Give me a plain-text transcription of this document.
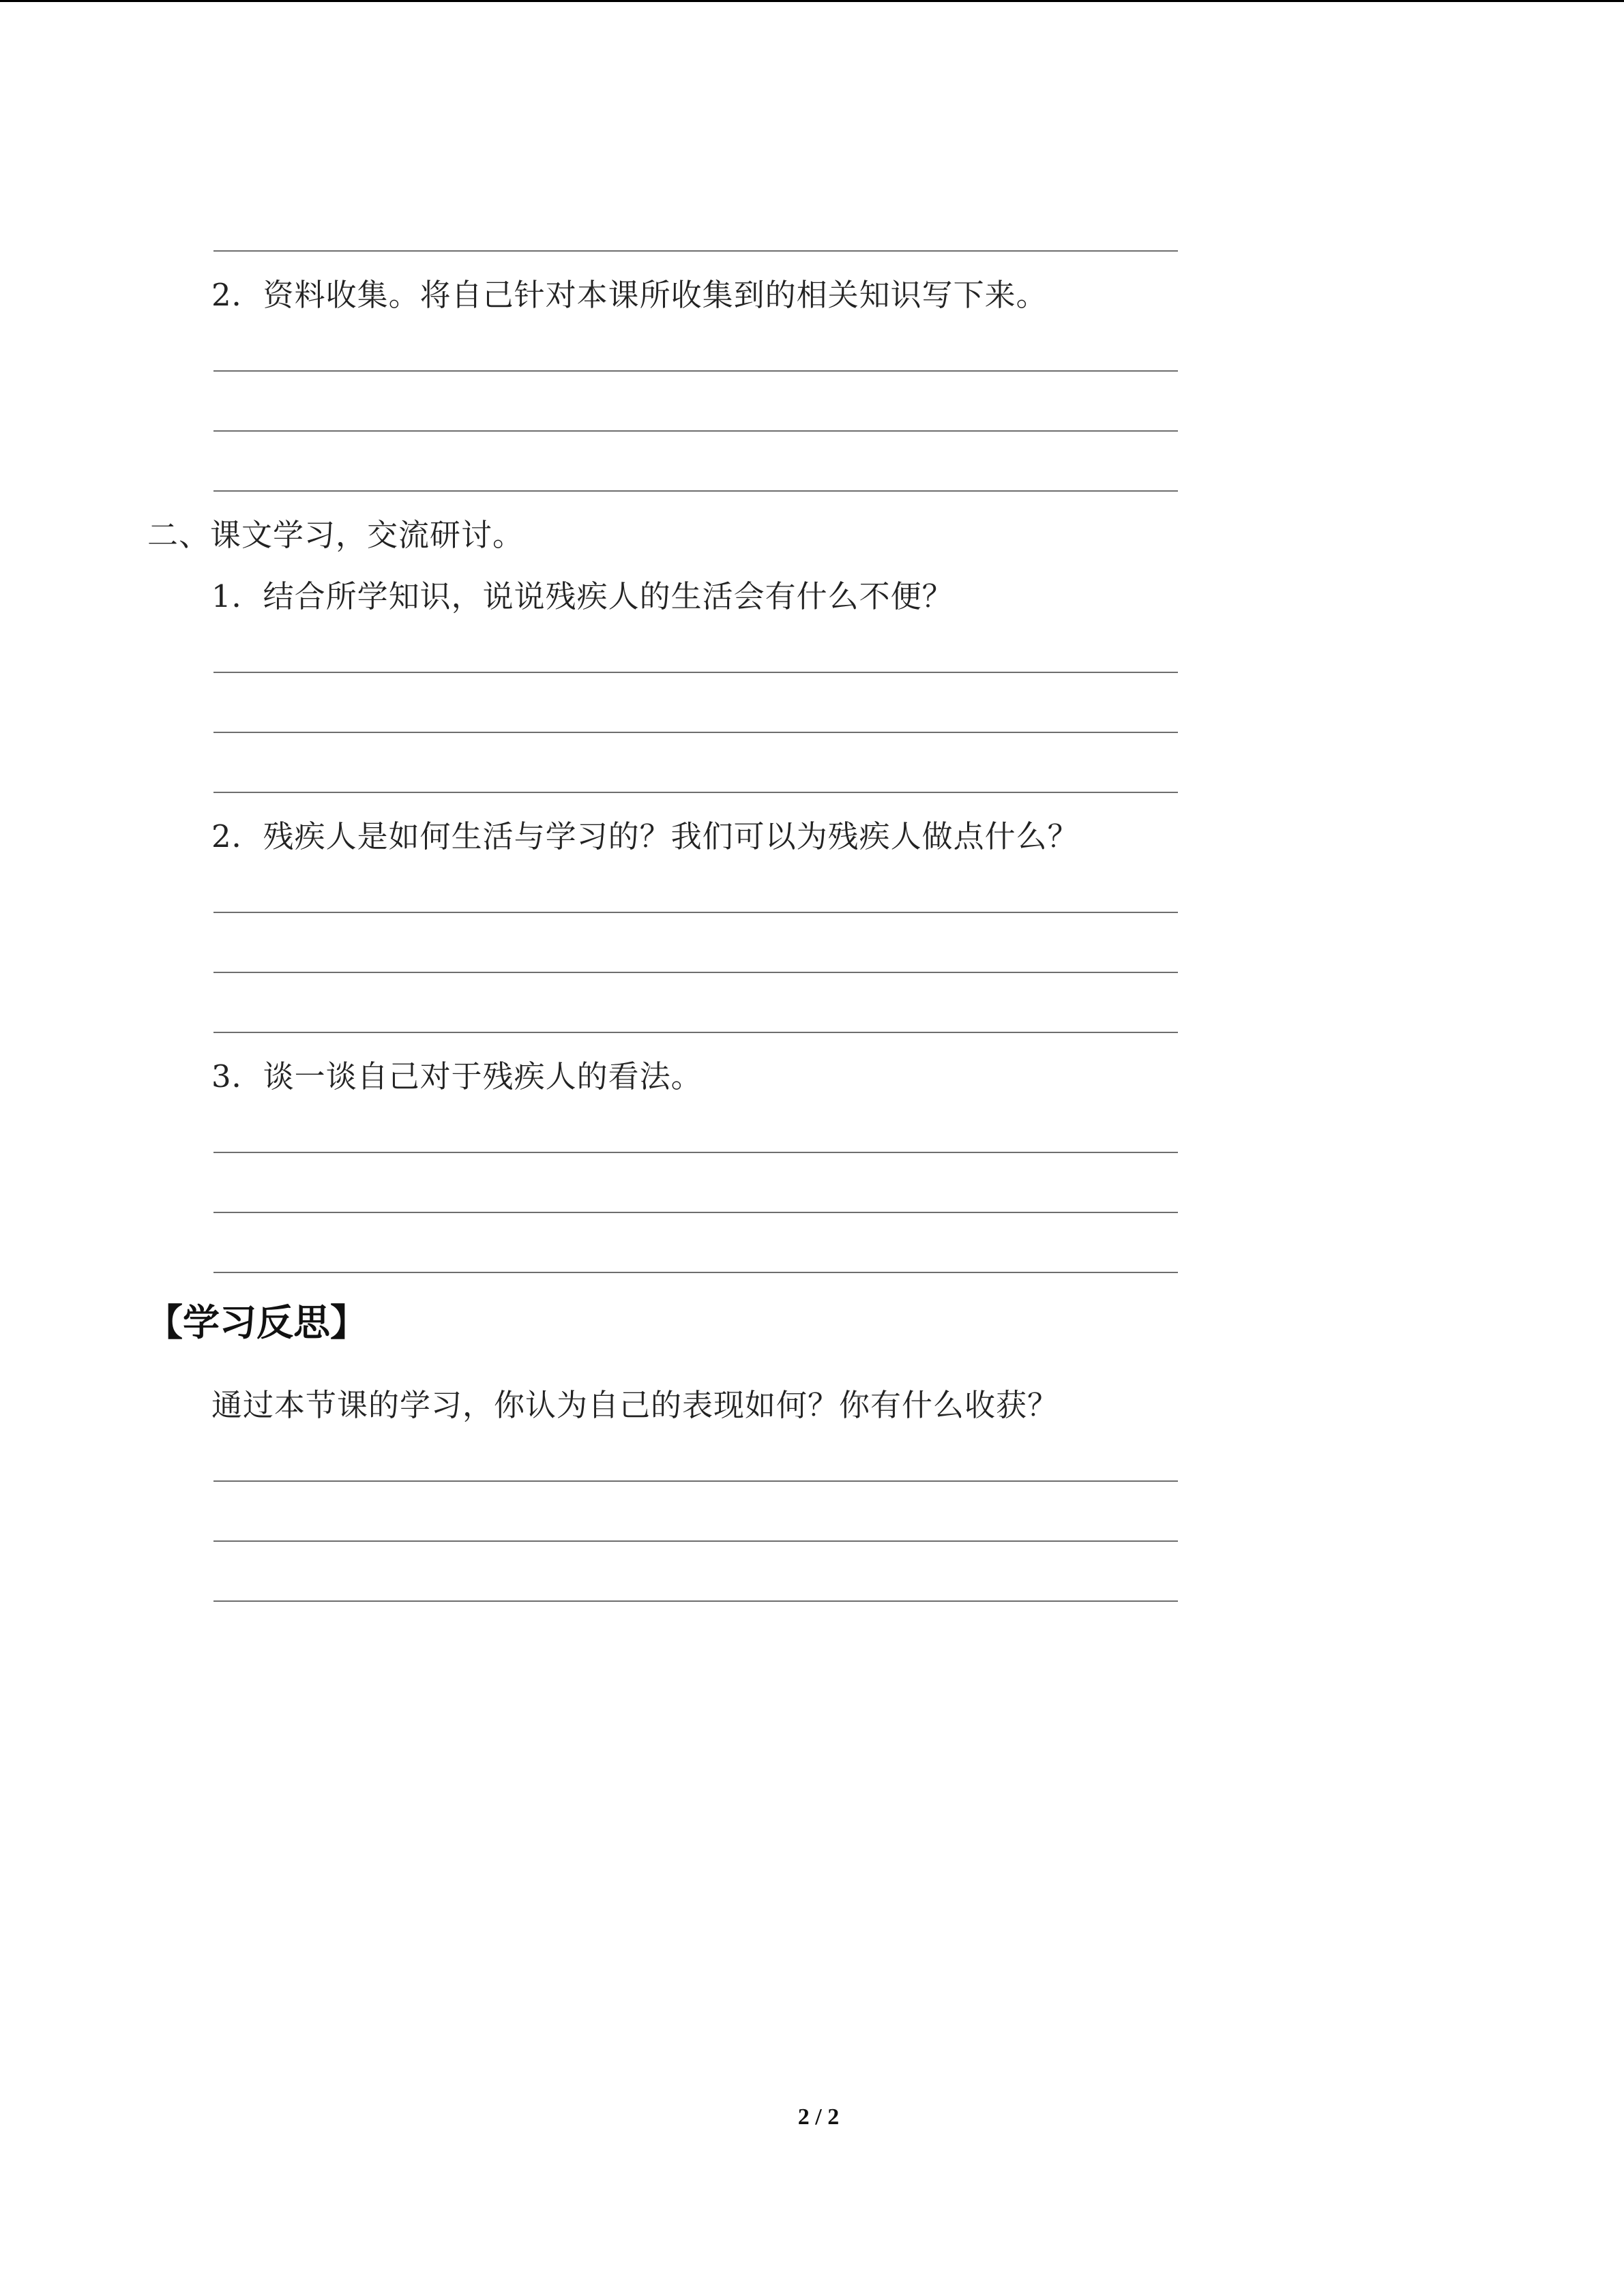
2．资料收集。将自己针对本课所收集到的相关知识写下来。
二、课文学习，交流研讨。
1．结合所学知识，说说残疾人的生活会有什么不便？
2．残疾人是如何生活与学习的？我们可以为残疾人做点什么？
3．谈一谈自己对于残疾人的看法。
【学习反思】
通过本节课的学习，你认为自己的表现如何？你有什么收获？
2 / 2
